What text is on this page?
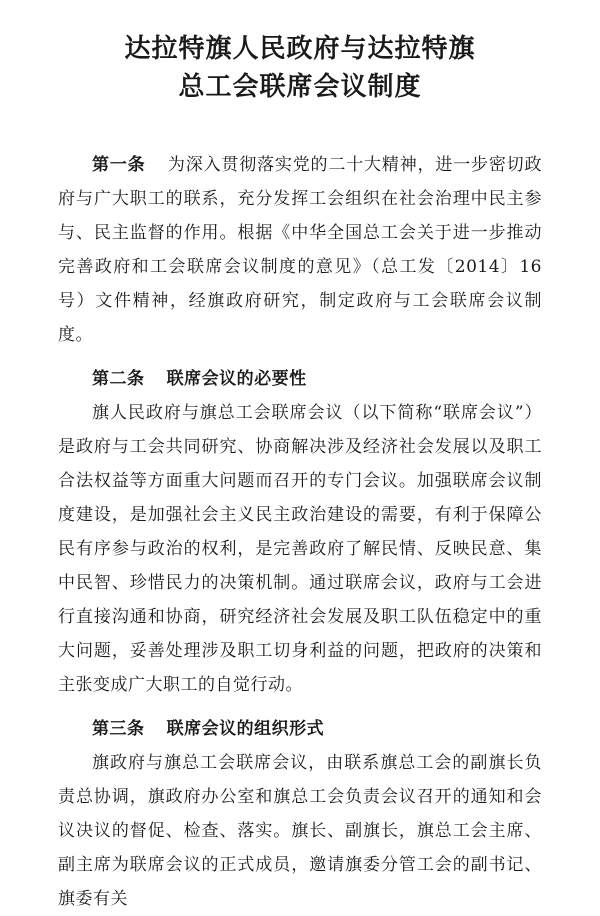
达拉特旗人民政府与达拉特旗
总工会联席会议制度

第一条 为深入贯彻落实党的二十大精神，进一步密切政府与广大职工的联系，充分发挥工会组织在社会治理中民主参与、民主监督的作用。根据《中华全国总工会关于进一步推动完善政府和工会联席会议制度的意见》（总工发〔2014〕16号）文件精神，经旗政府研究，制定政府与工会联席会议制度。

第二条 联席会议的必要性

旗人民政府与旗总工会联席会议（以下简称“联席会议”）是政府与工会共同研究、协商解决涉及经济社会发展以及职工合法权益等方面重大问题而召开的专门会议。加强联席会议制度建设，是加强社会主义民主政治建设的需要，有利于保障公民有序参与政治的权利，是完善政府了解民情、反映民意、集中民智、珍惜民力的决策机制。通过联席会议，政府与工会进行直接沟通和协商，研究经济社会发展及职工队伍稳定中的重大问题，妥善处理涉及职工切身利益的问题，把政府的决策和主张变成广大职工的自觉行动。

第三条 联席会议的组织形式

旗政府与旗总工会联席会议，由联系旗总工会的副旗长负责总协调，旗政府办公室和旗总工会负责会议召开的通知和会议决议的督促、检查、落实。旗长、副旗长，旗总工会主席、副主席为联席会议的正式成员，邀请旗委分管工会的副书记、旗委有关
